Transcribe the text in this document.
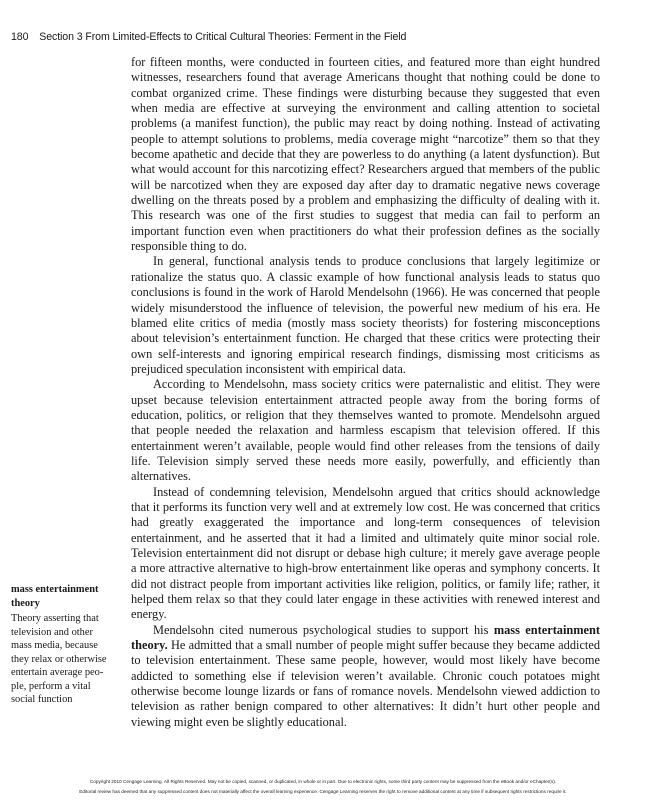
180 Section 3 From Limited-Effects to Critical Cultural Theories: Ferment in the Field

for fifteen months, were conducted in fourteen cities, and featured more than eight hundred witnesses, researchers found that average Americans thought that nothing could be done to combat organized crime. These findings were disturbing because they suggested that even when media are effective at surveying the environment and calling attention to societal problems (a manifest function), the public may react by doing nothing. Instead of activating people to attempt solutions to problems, media coverage might “narcotize” them so that they become apathetic and decide that they are powerless to do anything (a latent dysfunction). But what would account for this narcotizing effect? Researchers argued that members of the public will be narcotized when they are exposed day after day to dramatic negative news coverage dwelling on the threats posed by a problem and emphasizing the difficulty of dealing with it. This research was one of the first studies to suggest that media can fail to perform an important function even when practitioners do what their profession defines as the socially responsible thing to do.

In general, functional analysis tends to produce conclusions that largely legitimize or rationalize the status quo. A classic example of how functional analysis leads to status quo conclusions is found in the work of Harold Mendelsohn (1966). He was concerned that people widely misunderstood the influence of television, the powerful new medium of his era. He blamed elite critics of media (mostly mass society theorists) for fostering misconceptions about television’s entertainment function. He charged that these critics were protecting their own self-interests and ignoring empirical research findings, dismissing most criticisms as prejudiced speculation inconsistent with empirical data.

According to Mendelsohn, mass society critics were paternalistic and elitist. They were upset because television entertainment attracted people away from the boring forms of education, politics, or religion that they themselves wanted to promote. Mendelsohn argued that people needed the relaxation and harmless escapism that television offered. If this entertainment weren’t available, people would find other releases from the tensions of daily life. Television simply served these needs more easily, powerfully, and efficiently than alternatives.

Instead of condemning television, Mendelsohn argued that critics should acknowledge that it performs its function very well and at extremely low cost. He was concerned that critics had greatly exaggerated the importance and long-term consequences of television entertainment, and he asserted that it had a limited and ultimately quite minor social role. Television entertainment did not disrupt or debase high culture; it merely gave average people a more attractive alternative to high-brow entertainment like operas and symphony concerts. It did not distract people from important activities like religion, politics, or family life; rather, it helped them relax so that they could later engage in these activities with renewed interest and energy.

Mendelsohn cited numerous psychological studies to support his mass entertainment theory. He admitted that a small number of people might suffer because they became addicted to television entertainment. These same people, however, would most likely have become addicted to something else if television weren’t available. Chronic couch potatoes might otherwise become lounge lizards or fans of romance novels. Mendelsohn viewed addiction to television as rather benign compared to other alternatives: It didn’t hurt other people and viewing might even be slightly educational.

mass entertainment theory

Theory asserting that television and other mass media, because they relax or otherwise entertain average people, perform a vital social function

Copyright 2010 Cengage Learning. All Rights Reserved. May not be copied, scanned, or duplicated, in whole or in part. Due to electronic rights, some third party content may be suppressed from the eBook and/or eChapter(s).
Editorial review has deemed that any suppressed content does not materially affect the overall learning experience. Cengage Learning reserves the right to remove additional content at any time if subsequent rights restrictions require it.
